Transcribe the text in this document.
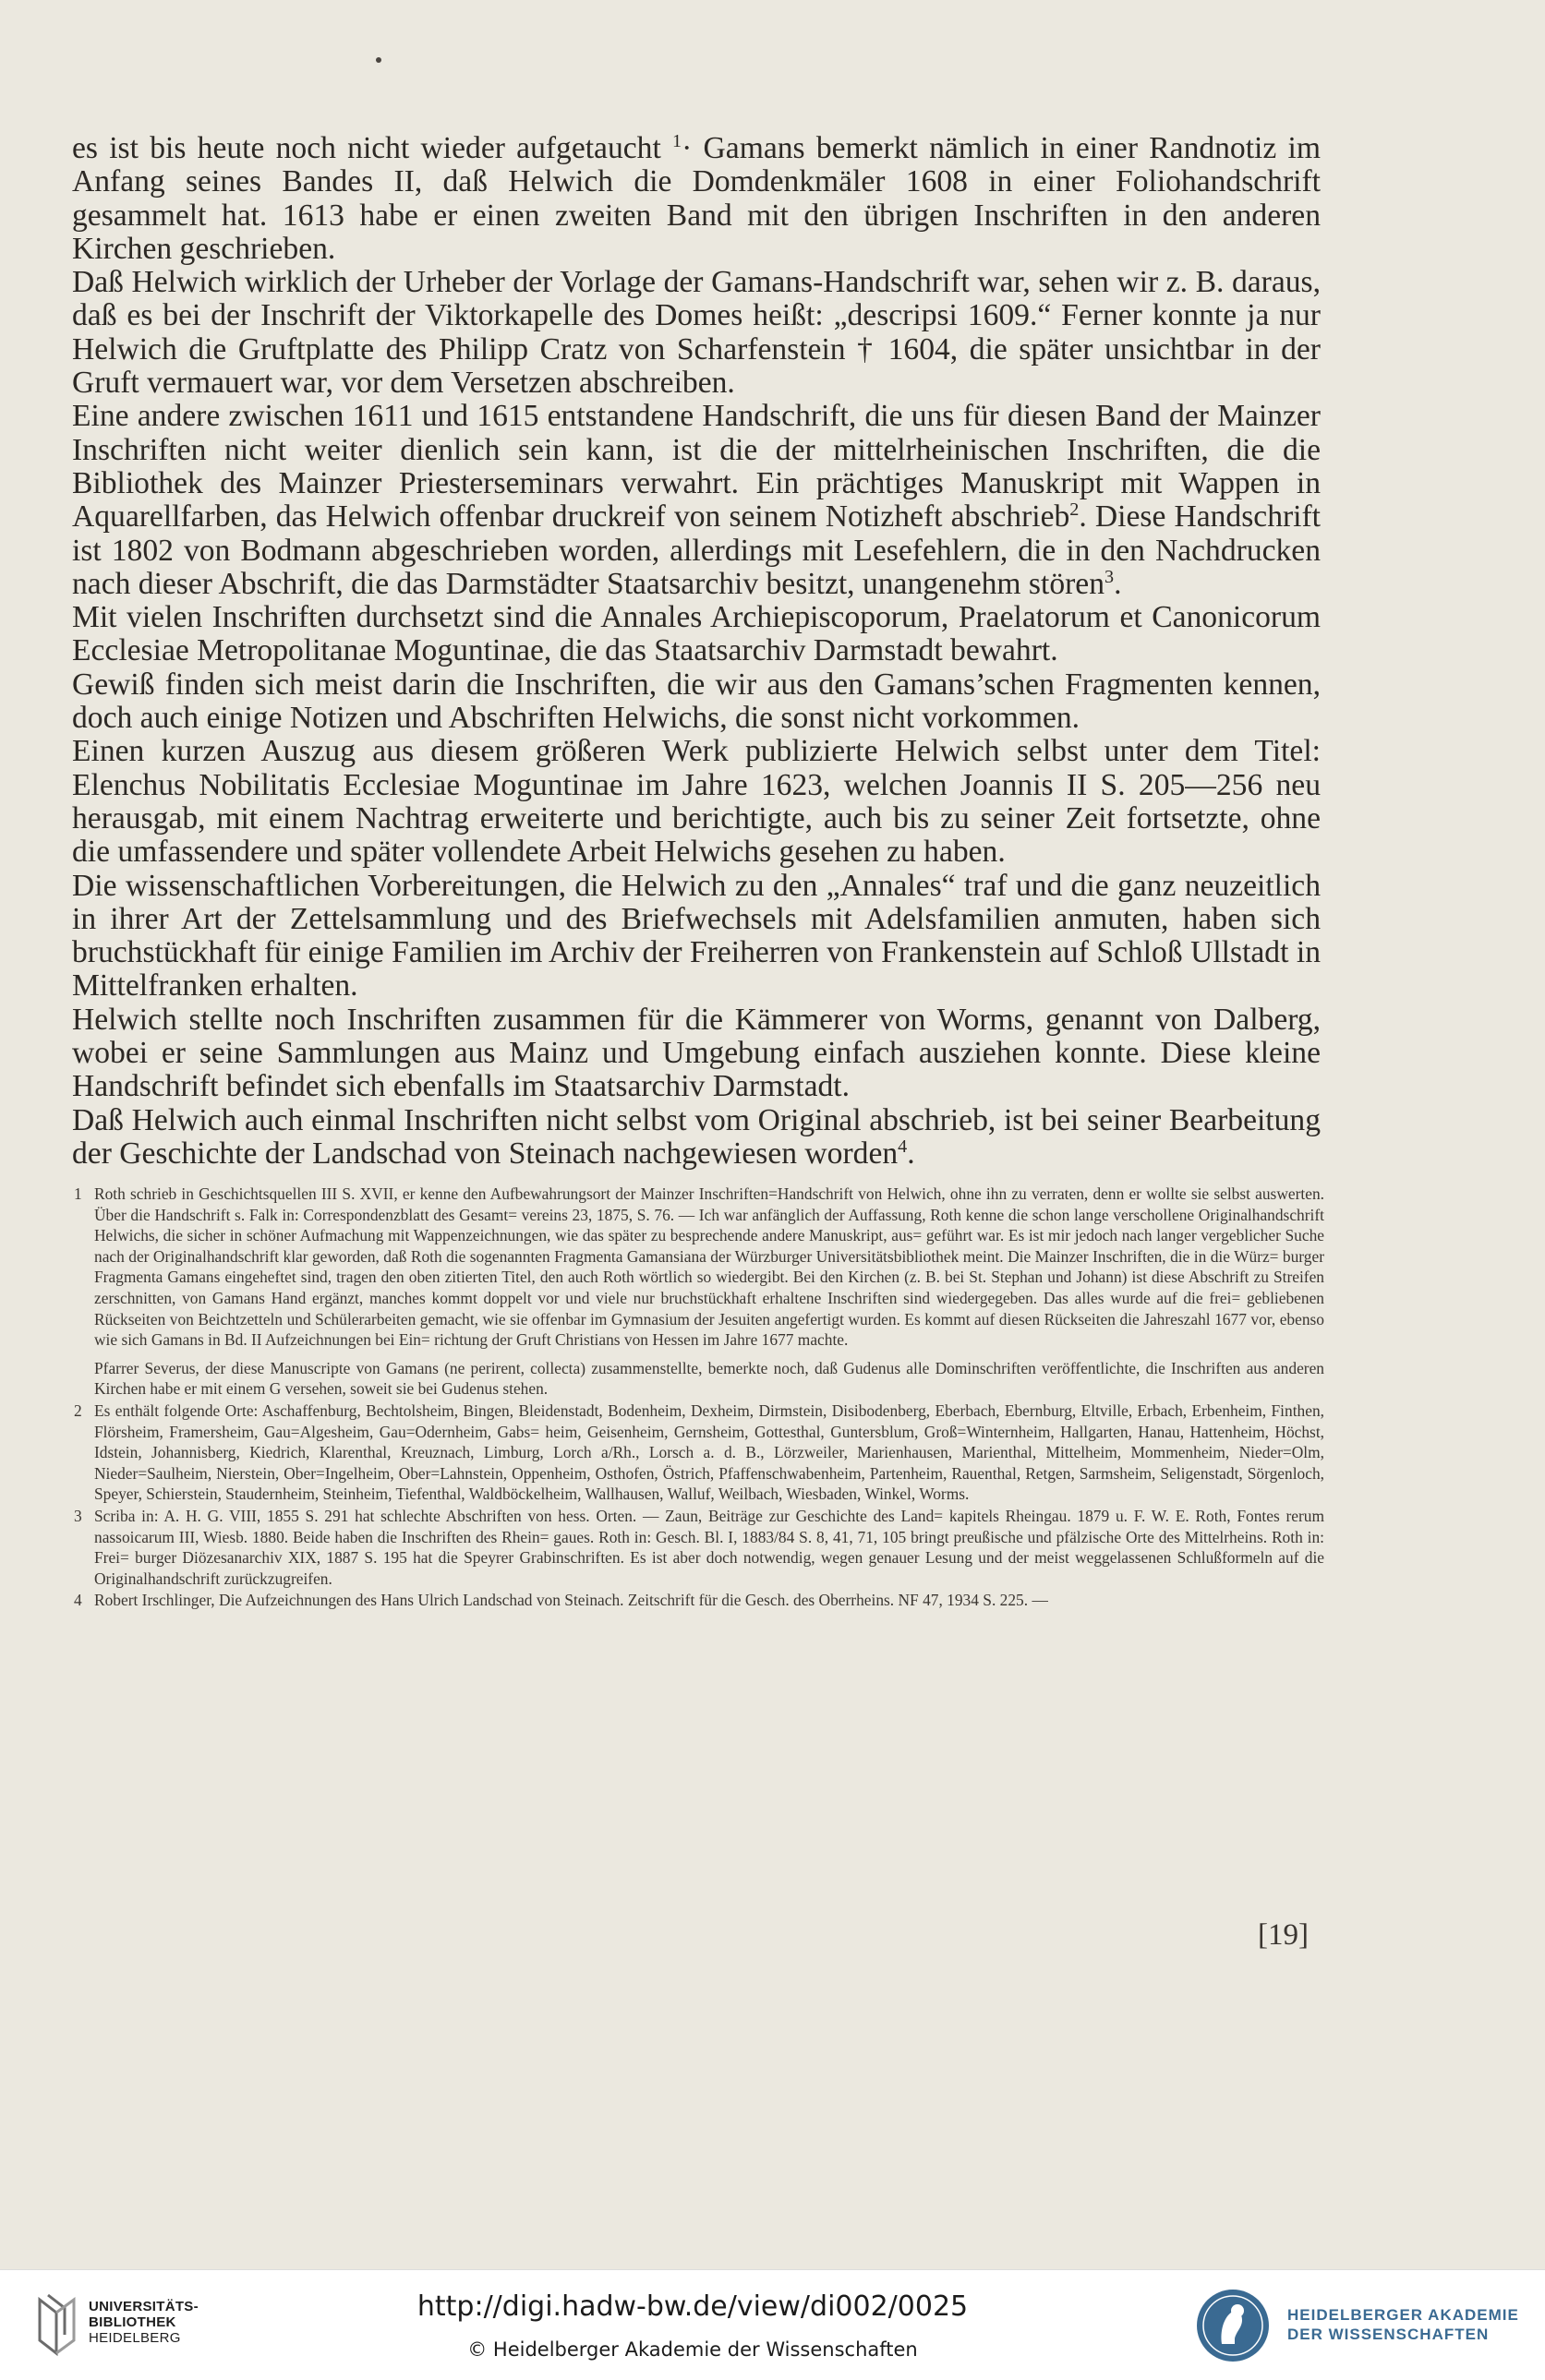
es ist bis heute noch nicht wieder aufgetaucht $^1$· Gamans bemerkt nämlich in einer Randnotiz im Anfang seines Bandes II, daß Helwich die Domdenkmäler 1608 in einer Foliohandschrift gesammelt hat. 1613 habe er einen zweiten Band mit den übrigen Inschriften in den anderen Kirchen geschrieben.

Daß Helwich wirklich der Urheber der Vorlage der Gamans-Handschrift war, sehen wir z. B. daraus, daß es bei der Inschrift der Viktorkapelle des Domes heißt: „descripsi 1609.“ Ferner konnte ja nur Helwich die Gruftplatte des Philipp Cratz von Scharfenstein † 1604, die später unsichtbar in der Gruft vermauert war, vor dem Versetzen abschreiben.

Eine andere zwischen 1611 und 1615 entstandene Handschrift, die uns für diesen Band der Mainzer Inschriften nicht weiter dienlich sein kann, ist die der mittelrheinischen Inschriften, die die Bibliothek des Mainzer Priesterseminars verwahrt. Ein prächtiges Manuskript mit Wappen in Aquarellfarben, das Helwich offenbar druckreif von seinem Notizheft abschrieb$^2$. Diese Handschrift ist 1802 von Bodmann abgeschrieben worden, allerdings mit Lesefehlern, die in den Nachdrucken nach dieser Abschrift, die das Darmstädter Staatsarchiv besitzt, unangenehm stören$^3$.

Mit vielen Inschriften durchsetzt sind die Annales Archiepiscoporum, Praelatorum et Canonicorum Ecclesiae Metropolitanae Moguntinae, die das Staatsarchiv Darmstadt bewahrt.

Gewiß finden sich meist darin die Inschriften, die wir aus den Gamans’schen Fragmenten kennen, doch auch einige Notizen und Abschriften Helwichs, die sonst nicht vorkommen.

Einen kurzen Auszug aus diesem größeren Werk publizierte Helwich selbst unter dem Titel: Elenchus Nobilitatis Ecclesiae Moguntinae im Jahre 1623, welchen Joannis II S. 205—256 neu herausgab, mit einem Nachtrag erweiterte und berichtigte, auch bis zu seiner Zeit fortsetzte, ohne die umfassendere und später vollendete Arbeit Helwichs gesehen zu haben.

Die wissenschaftlichen Vorbereitungen, die Helwich zu den „Annales“ traf und die ganz neuzeitlich in ihrer Art der Zettelsammlung und des Briefwechsels mit Adelsfamilien anmuten, haben sich bruchstückhaft für einige Familien im Archiv der Freiherren von Frankenstein auf Schloß Ullstadt in Mittelfranken erhalten.

Helwich stellte noch Inschriften zusammen für die Kämmerer von Worms, genannt von Dalberg, wobei er seine Sammlungen aus Mainz und Umgebung einfach ausziehen konnte. Diese kleine Handschrift befindet sich ebenfalls im Staatsarchiv Darmstadt.

Daß Helwich auch einmal Inschriften nicht selbst vom Original abschrieb, ist bei seiner Bearbeitung der Geschichte der Landschad von Steinach nachgewiesen worden$^4$.

1 Roth schrieb in Geschichtsquellen III S. XVII, er kenne den Aufbewahrungsort der Mainzer Inschriften=Handschrift von Helwich, ohne ihn zu verraten, denn er wollte sie selbst auswerten. Über die Handschrift s. Falk in: Correspondenzblatt des Gesamt= vereins 23, 1875, S. 76. — Ich war anfänglich der Auffassung, Roth kenne die schon lange verschollene Originalhandschrift Helwichs, die sicher in schöner Aufmachung mit Wappenzeichnungen, wie das später zu besprechende andere Manuskript, aus= geführt war. Es ist mir jedoch nach langer vergeblicher Suche nach der Originalhandschrift klar geworden, daß Roth die sogenannten Fragmenta Gamansiana der Würzburger Universitätsbibliothek meint. Die Mainzer Inschriften, die in die Würz= burger Fragmenta Gamans eingeheftet sind, tragen den oben zitierten Titel, den auch Roth wörtlich so wiedergibt. Bei den Kirchen (z. B. bei St. Stephan und Johann) ist diese Abschrift zu Streifen zerschnitten, von Gamans Hand ergänzt, manches kommt doppelt vor und viele nur bruchstückhaft erhaltene Inschriften sind wiedergegeben. Das alles wurde auf die frei= gebliebenen Rückseiten von Beichtzetteln und Schülerarbeiten gemacht, wie sie offenbar im Gymnasium der Jesuiten angefertigt wurden. Es kommt auf diesen Rückseiten die Jahreszahl 1677 vor, ebenso wie sich Gamans in Bd. II Aufzeichnungen bei Ein= richtung der Gruft Christians von Hessen im Jahre 1677 machte.

Pfarrer Severus, der diese Manuscripte von Gamans (ne perirent, collecta) zusammenstellte, bemerkte noch, daß Gudenus alle Dominschriften veröffentlichte, die Inschriften aus anderen Kirchen habe er mit einem G versehen, soweit sie bei Gudenus stehen.

2 Es enthält folgende Orte: Aschaffenburg, Bechtolsheim, Bingen, Bleidenstadt, Bodenheim, Dexheim, Dirmstein, Disibodenberg, Eberbach, Ebernburg, Eltville, Erbach, Erbenheim, Finthen, Flörsheim, Framersheim, Gau=Algesheim, Gau=Odernheim, Gabs= heim, Geisenheim, Gernsheim, Gottesthal, Guntersblum, Groß=Winternheim, Hallgarten, Hanau, Hattenheim, Höchst, Idstein, Johannisberg, Kiedrich, Klarenthal, Kreuznach, Limburg, Lorch a/Rh., Lorsch a. d. B., Lörzweiler, Marienhausen, Marienthal, Mittelheim, Mommenheim, Nieder=Olm, Nieder=Saulheim, Nierstein, Ober=Ingelheim, Ober=Lahnstein, Oppenheim, Osthofen, Östrich, Pfaffenschwabenheim, Partenheim, Rauenthal, Retgen, Sarmsheim, Seligenstadt, Sörgenloch, Speyer, Schierstein, Staudernheim, Steinheim, Tiefenthal, Waldböckelheim, Wallhausen, Walluf, Weilbach, Wiesbaden, Winkel, Worms.

3 Scriba in: A. H. G. VIII, 1855 S. 291 hat schlechte Abschriften von hess. Orten. — Zaun, Beiträge zur Geschichte des Land= kapitels Rheingau. 1879 u. F. W. E. Roth, Fontes rerum nassoicarum III, Wiesb. 1880. Beide haben die Inschriften des Rhein= gaues. Roth in: Gesch. Bl. I, 1883/84 S. 8, 41, 71, 105 bringt preußische und pfälzische Orte des Mittelrheins. Roth in: Frei= burger Diözesanarchiv XIX, 1887 S. 195 hat die Speyrer Grabinschriften. Es ist aber doch notwendig, wegen genauer Lesung und der meist weggelassenen Schlußformeln auf die Originalhandschrift zurückzugreifen.

4 Robert Irschlinger, Die Aufzeichnungen des Hans Ulrich Landschad von Steinach. Zeitschrift für die Gesch. des Oberrheins. NF 47, 1934 S. 225. —

[19]
UNIVERSITÄTS-
BIBLIOTHEK
HEIDELBERG
http://digi.hadw-bw.de/view/di002/0025
© Heidelberger Akademie der Wissenschaften
HEIDELBERGER AKADEMIE
DER WISSENSCHAFTEN
